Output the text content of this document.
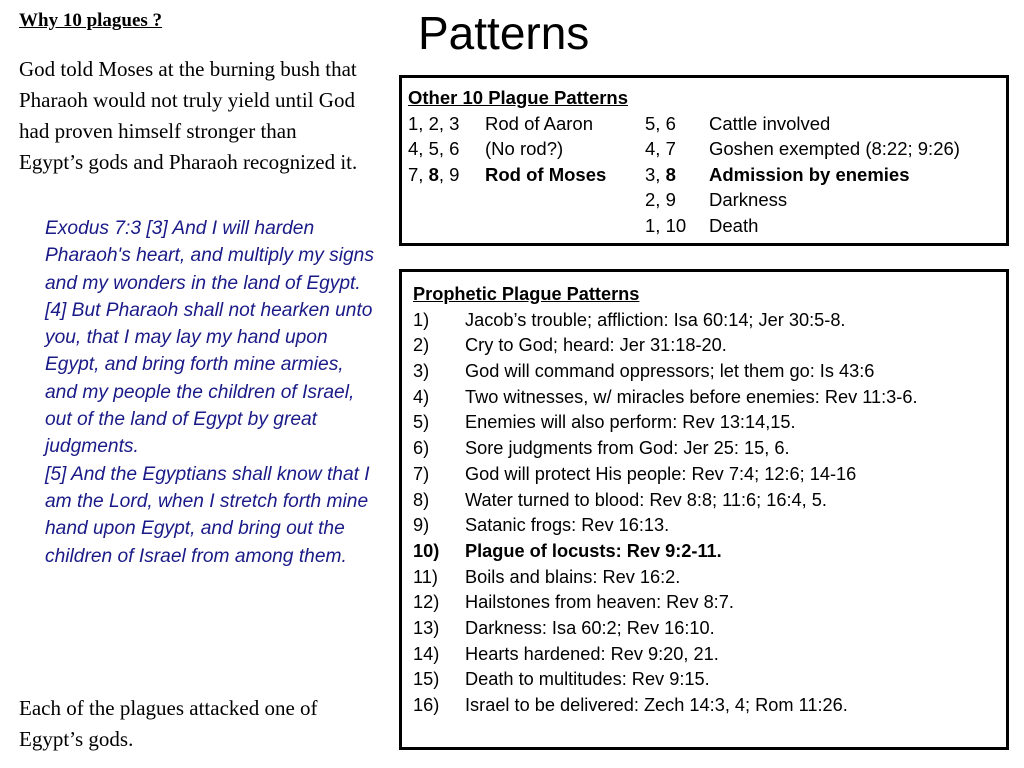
Why 10 plagues ?

God told Moses at the burning bush that Pharaoh would not truly yield until God had proven himself stronger than Egypt’s gods and Pharaoh recognized it.

Exodus 7:3 [3] And I will harden Pharaoh's heart, and multiply my signs and my wonders in the land of Egypt.

[4] But Pharaoh shall not hearken unto you, that I may lay my hand upon Egypt, and bring forth mine armies, and my people the children of Israel, out of the land of Egypt by great judgments.

[5] And the Egyptians shall know that I am the Lord, when I stretch forth mine hand upon Egypt, and bring out the children of Israel from among them.

Each of the plagues attacked one of Egypt’s gods.

Patterns

Other 10 Plague Patterns

1, 2, 3 Rod of Aaron	5, 6 Cattle involved
4, 5, 6 (No rod?)	4, 7 Goshen exempted (8:22; 9:26)
7, 8, 9 Rod of Moses 3, 8 Admission by enemies
2, 9 Darkness
1, 10 Death

Prophetic Plague Patterns

1) Jacob’s trouble; affliction: Isa 60:14; Jer 30:5-8.
2) Cry to God; heard: Jer 31:18-20.
3) God will command oppressors; let them go: Is 43:6
4) Two witnesses, w/ miracles before enemies: Rev 11:3-6.
5) Enemies will also perform: Rev 13:14,15.
6) Sore judgments from God: Jer 25: 15, 6.
7) God will protect His people: Rev 7:4; 12:6; 14-16
8) Water turned to blood: Rev 8:8; 11:6; 16:4, 5.
9) Satanic frogs: Rev 16:13.
10) Plague of locusts: Rev 9:2-11.
11) Boils and blains: Rev 16:2.
12) Hailstones from heaven: Rev 8:7.
13) Darkness: Isa 60:2; Rev 16:10.
14) Hearts hardened: Rev 9:20, 21.
15) Death to multitudes: Rev 9:15.
16) Israel to be delivered: Zech 14:3, 4; Rom 11:26.
